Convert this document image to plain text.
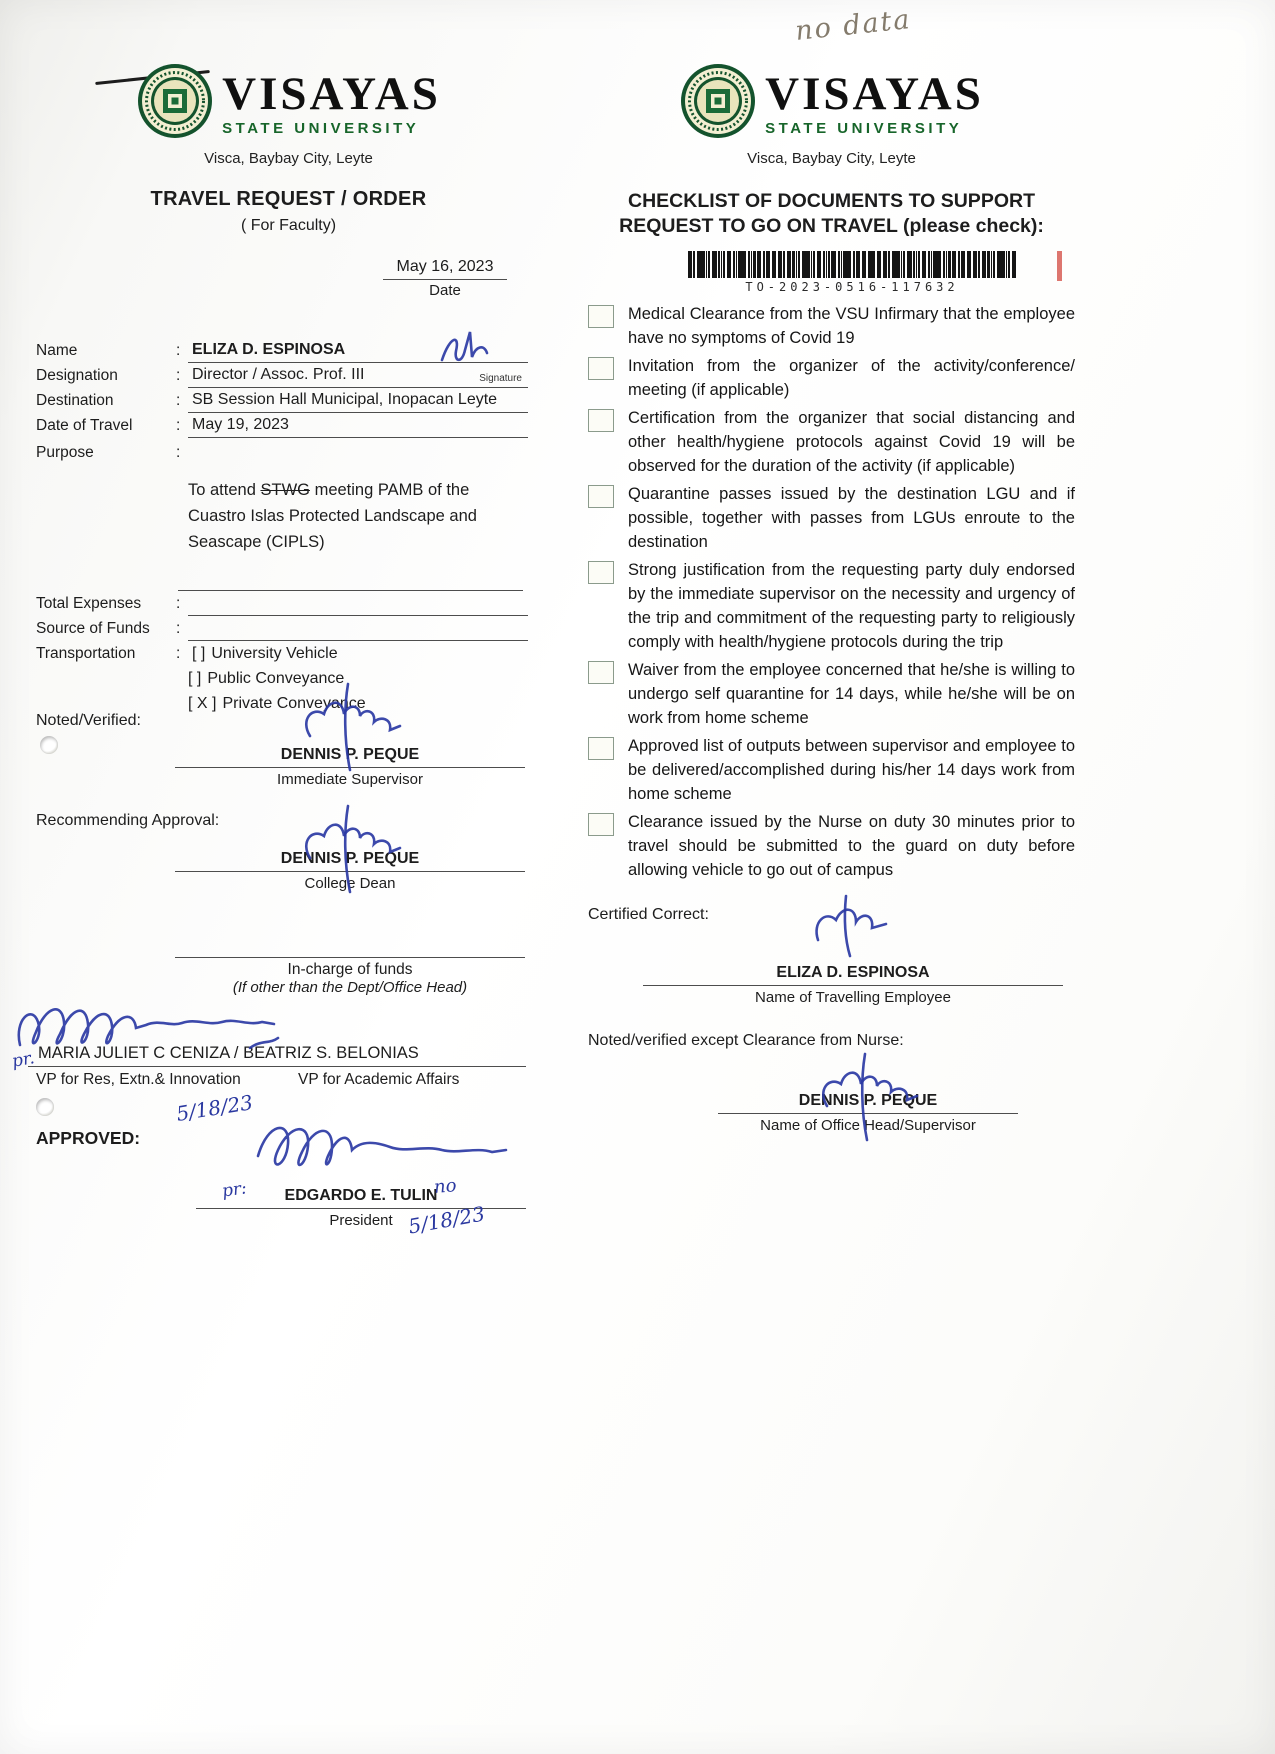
no data
VISAYAS
STATE UNIVERSITY
Visca, Baybay City, Leyte
TRAVEL REQUEST / ORDER
( For Faculty)
May 16, 2023
Date
Name	: ELIZA D. ESPINOSA
Designation	: Director / Assoc. Prof. III	Signature
Destination	: SB Session Hall Municipal, Inopacan Leyte
Date of Travel	: May 19, 2023
Purpose	:
To attend STWG meeting PAMB of the
Cuastro Islas Protected Landscape and
Seascape (CIPLS)
Total Expenses	:
Source of Funds	:
Transportation	: [ ] University Vehicle
[ ] Public Conveyance
[ X ] Private Conveyance
Noted/Verified:
DENNIS P. PEQUE
Immediate Supervisor
Recommending Approval:
DENNIS P. PEQUE
College Dean
In-charge of funds
(If other than the Dept/Office Head)
pr. MARIA JULIET C CENIZA / BEATRIZ S. BELONIAS
VP for Res, Extn.& Innovation	VP for Academic Affairs
5/18/23
APPROVED:
pr:	EDGARDO E. TULIN
President
no
5/18/23
VISAYAS
STATE UNIVERSITY
Visca, Baybay City, Leyte
CHECKLIST OF DOCUMENTS TO SUPPORT
REQUEST TO GO ON TRAVEL (please check):
TO-2023-0516-117632
Medical Clearance from the VSU Infirmary that the employee have no symptoms of Covid 19
Invitation from the organizer of the activity/conference/ meeting (if applicable)
Certification from the organizer that social distancing and other health/hygiene protocols against Covid 19 will be observed for the duration of the activity (if applicable)
Quarantine passes issued by the destination LGU and if possible, together with passes from LGUs enroute to the destination
Strong justification from the requesting party duly endorsed by the immediate supervisor on the necessity and urgency of the trip and commitment of the requesting party to religiously comply with health/hygiene protocols during the trip
Waiver from the employee concerned that he/she is willing to undergo self quarantine for 14 days, while he/she will be on work from home scheme
Approved list of outputs between supervisor and employee to be delivered/accomplished during his/her 14 days work from home scheme
Clearance issued by the Nurse on duty 30 minutes prior to travel should be submitted to the guard on duty before allowing vehicle to go out of campus
Certified Correct:
ELIZA D. ESPINOSA
Name of Travelling Employee
Noted/verified except Clearance from Nurse:
DENNIS P. PEQUE
Name of Office Head/Supervisor
